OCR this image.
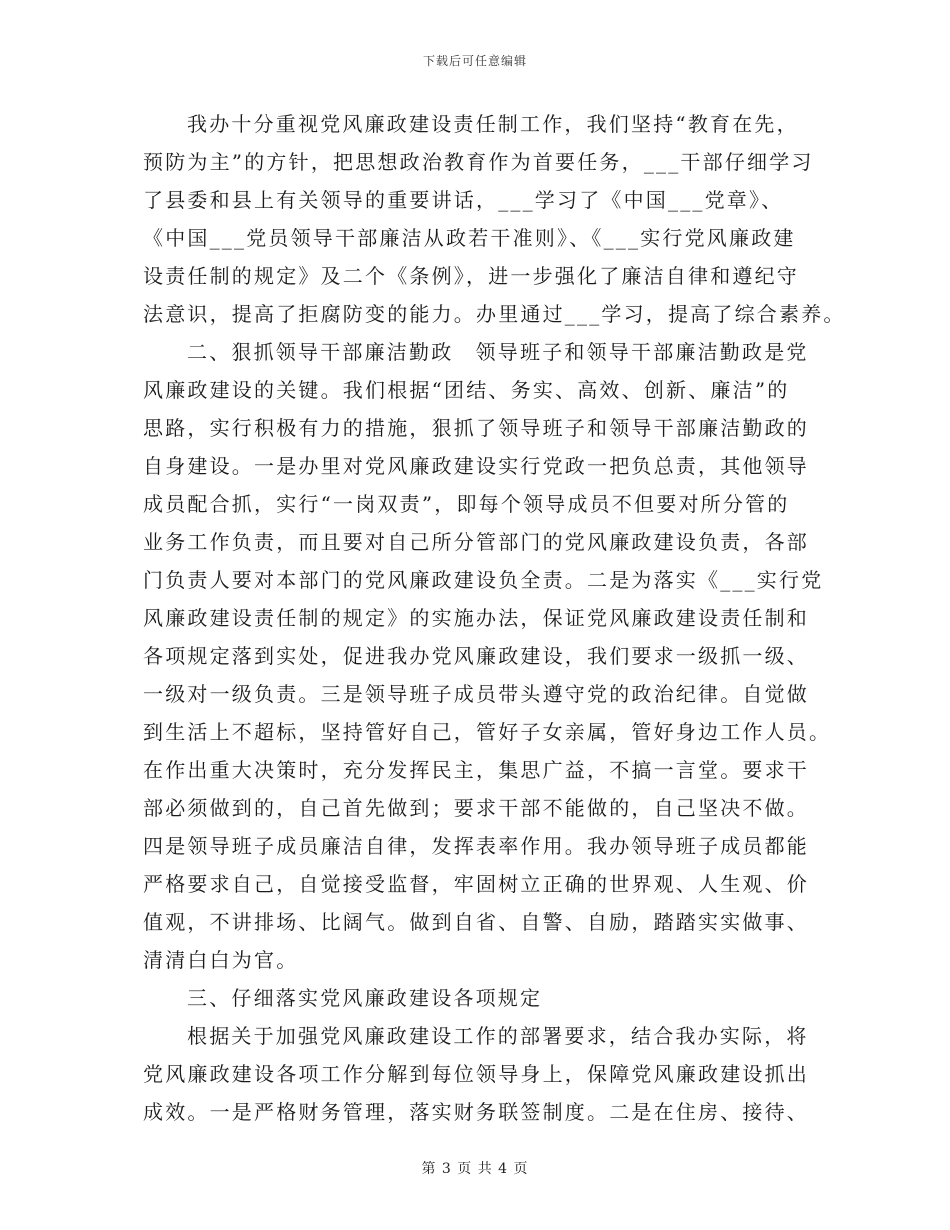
下载后可任意编辑
我办十分重视党风廉政建设责任制工作，我们坚持“教育在先，
预防为主”的方针，把思想政治教育作为首要任务，___干部仔细学习
了县委和县上有关领导的重要讲话，___学习了《中国___党章》、
《中国___党员领导干部廉洁从政若干准则》、《___实行党风廉政建
设责任制的规定》及二个《条例》，进一步强化了廉洁自律和遵纪守
法意识，提高了拒腐防变的能力。办里通过___学习，提高了综合素养。
二、狠抓领导干部廉洁勤政　领导班子和领导干部廉洁勤政是党
风廉政建设的关键。我们根据“团结、务实、高效、创新、廉洁”的
思路，实行积极有力的措施，狠抓了领导班子和领导干部廉洁勤政的
自身建设。一是办里对党风廉政建设实行党政一把负总责，其他领导
成员配合抓，实行“一岗双责”，即每个领导成员不但要对所分管的
业务工作负责，而且要对自己所分管部门的党风廉政建设负责，各部
门负责人要对本部门的党风廉政建设负全责。二是为落实《___实行党
风廉政建设责任制的规定》的实施办法，保证党风廉政建设责任制和
各项规定落到实处，促进我办党风廉政建设，我们要求一级抓一级、
一级对一级负责。三是领导班子成员带头遵守党的政治纪律。自觉做
到生活上不超标，坚持管好自己，管好子女亲属，管好身边工作人员。
在作出重大决策时，充分发挥民主，集思广益，不搞一言堂。要求干
部必须做到的，自己首先做到；要求干部不能做的，自己坚决不做。
四是领导班子成员廉洁自律，发挥表率作用。我办领导班子成员都能
严格要求自己，自觉接受监督，牢固树立正确的世界观、人生观、价
值观，不讲排场、比阔气。做到自省、自警、自励，踏踏实实做事、
清清白白为官。
三、仔细落实党风廉政建设各项规定
根据关于加强党风廉政建设工作的部署要求，结合我办实际，将
党风廉政建设各项工作分解到每位领导身上，保障党风廉政建设抓出
成效。一是严格财务管理，落实财务联签制度。二是在住房、接待、
第 3 页 共 4 页
